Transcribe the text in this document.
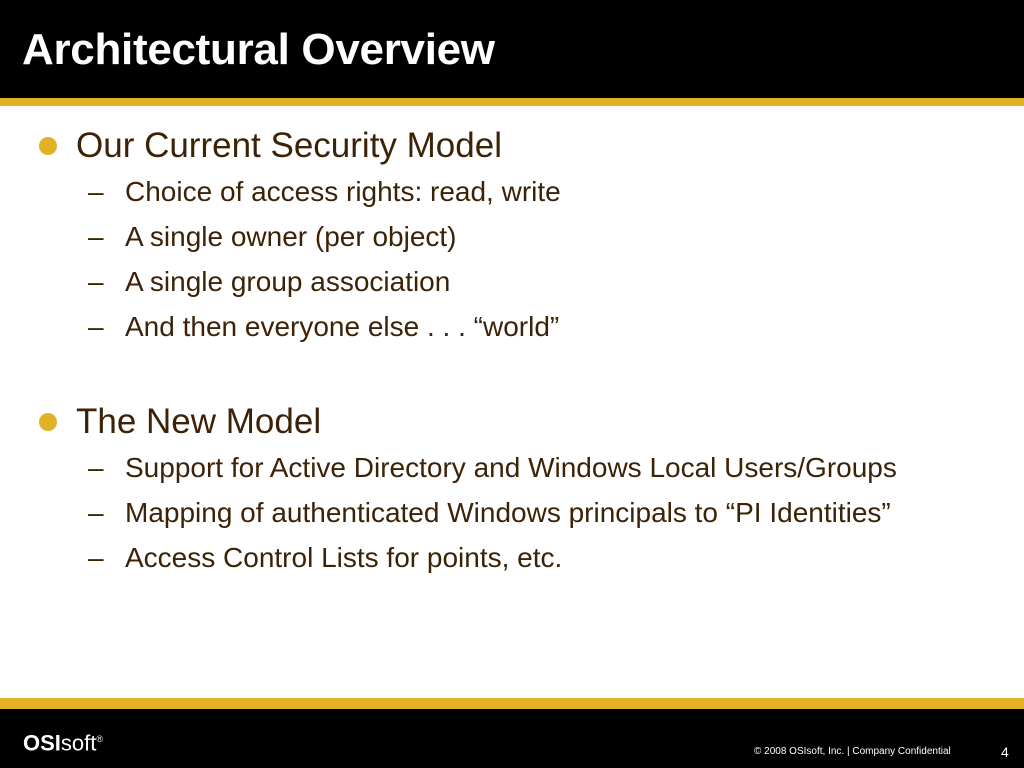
Architectural Overview
Our Current Security Model
– Choice of access rights: read, write
– A single owner (per object)
– A single group association
– And then everyone else . . . “world”
The New Model
– Support for Active Directory and Windows Local Users/Groups
– Mapping of authenticated Windows principals to “PI Identities”
– Access Control Lists for points, etc.
OSIsoft®
© 2008 OSIsoft, Inc. | Company Confidential	4
